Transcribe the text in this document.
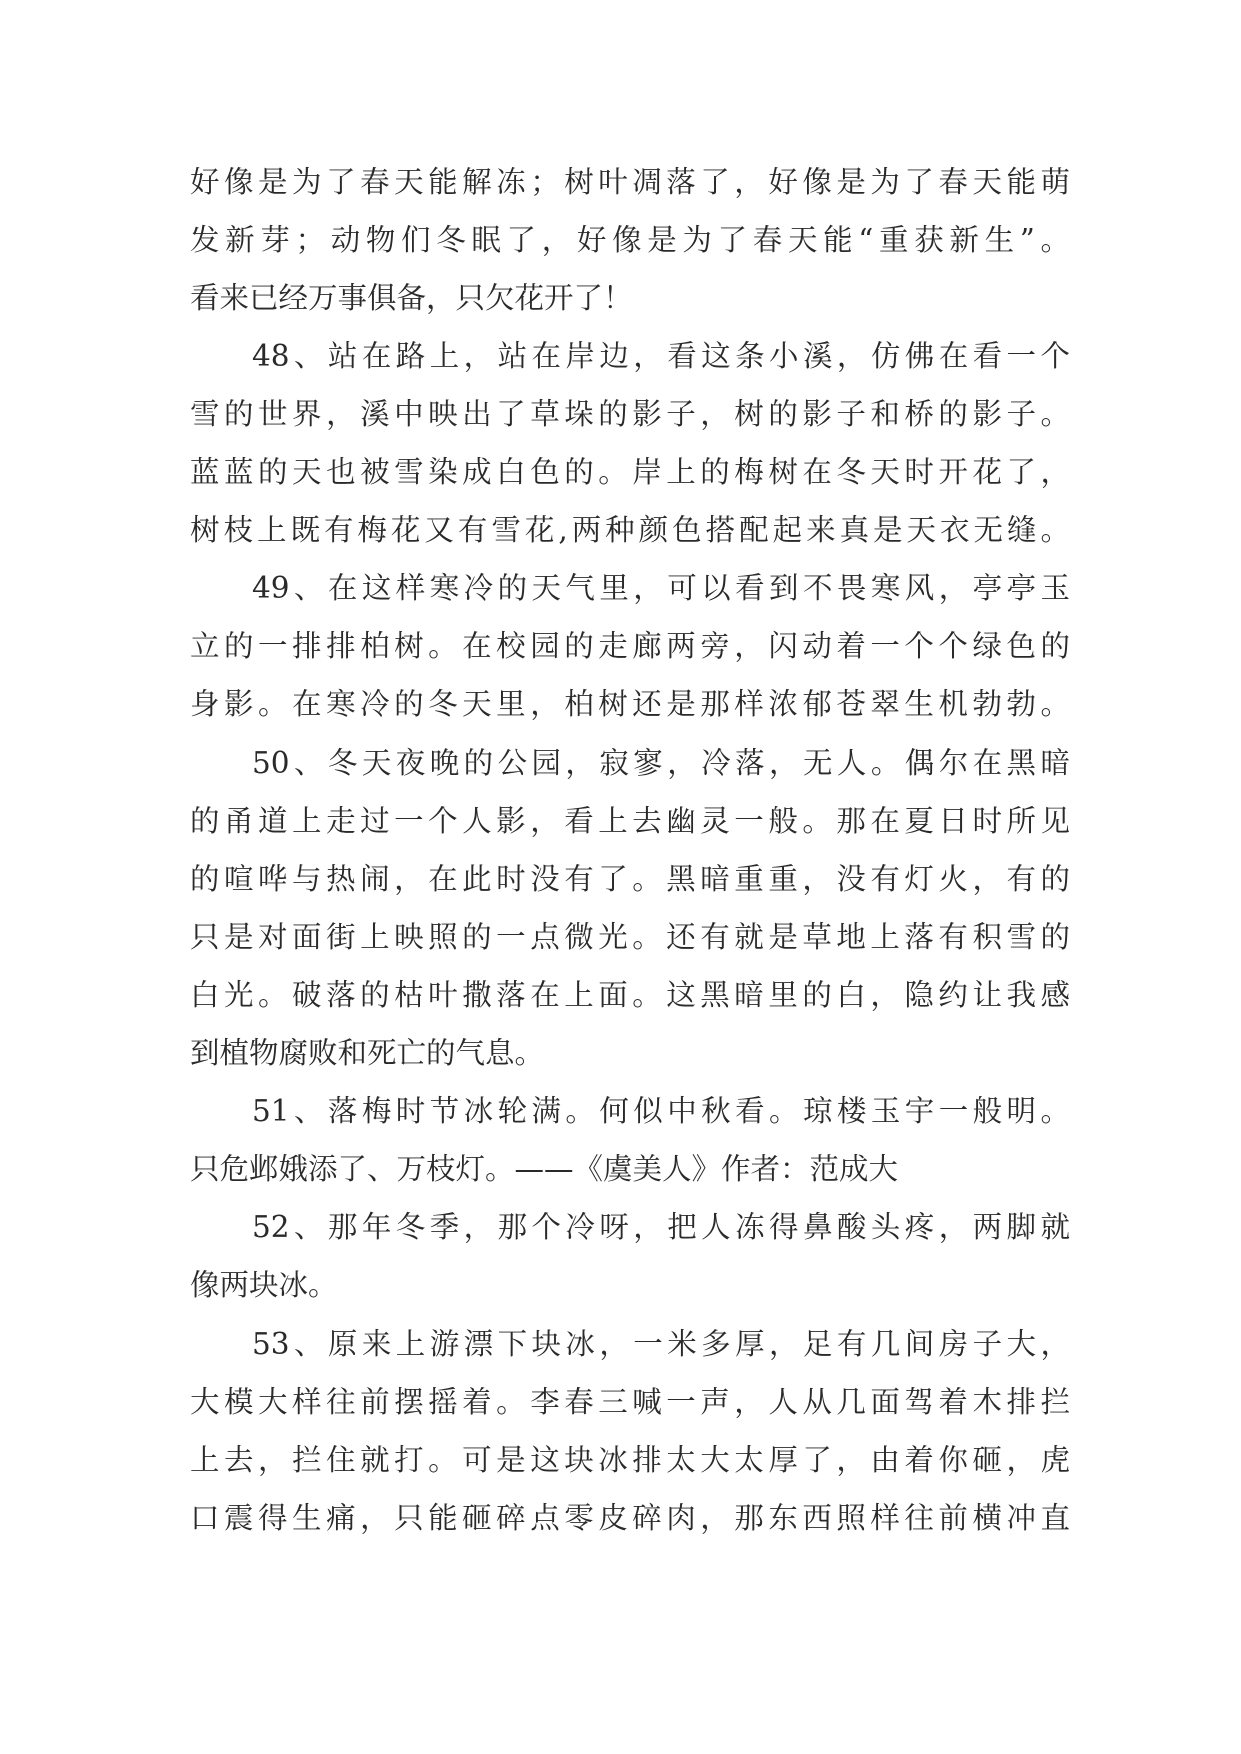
好像是为了春天能解冻；树叶凋落了，好像是为了春天能萌
发新芽；动物们冬眠了，好像是为了春天能“重获新生”。
看来已经万事俱备，只欠花开了！
48、站在路上，站在岸边，看这条小溪，仿佛在看一个
雪的世界，溪中映出了草垛的影子，树的影子和桥的影子。
蓝蓝的天也被雪染成白色的。岸上的梅树在冬天时开花了，
树枝上既有梅花又有雪花,两种颜色搭配起来真是天衣无缝。
49、在这样寒冷的天气里，可以看到不畏寒风，亭亭玉
立的一排排柏树。在校园的走廊两旁，闪动着一个个绿色的
身影。在寒冷的冬天里，柏树还是那样浓郁苍翠生机勃勃。
50、冬天夜晚的公园，寂寥，冷落，无人。偶尔在黑暗
的甬道上走过一个人影，看上去幽灵一般。那在夏日时所见
的喧哗与热闹，在此时没有了。黑暗重重，没有灯火，有的
只是对面街上映照的一点微光。还有就是草地上落有积雪的
白光。破落的枯叶撒落在上面。这黑暗里的白，隐约让我感
到植物腐败和死亡的气息。
51、落梅时节冰轮满。何似中秋看。琼楼玉宇一般明。
只危邺娥添了、万枝灯。——《虞美人》作者：范成大
52、那年冬季，那个冷呀，把人冻得鼻酸头疼，两脚就
像两块冰。
53、原来上游漂下块冰，一米多厚，足有几间房子大，
大模大样往前摆摇着。李春三喊一声，人从几面驾着木排拦
上去，拦住就打。可是这块冰排太大太厚了，由着你砸，虎
口震得生痛，只能砸碎点零皮碎肉，那东西照样往前横冲直
